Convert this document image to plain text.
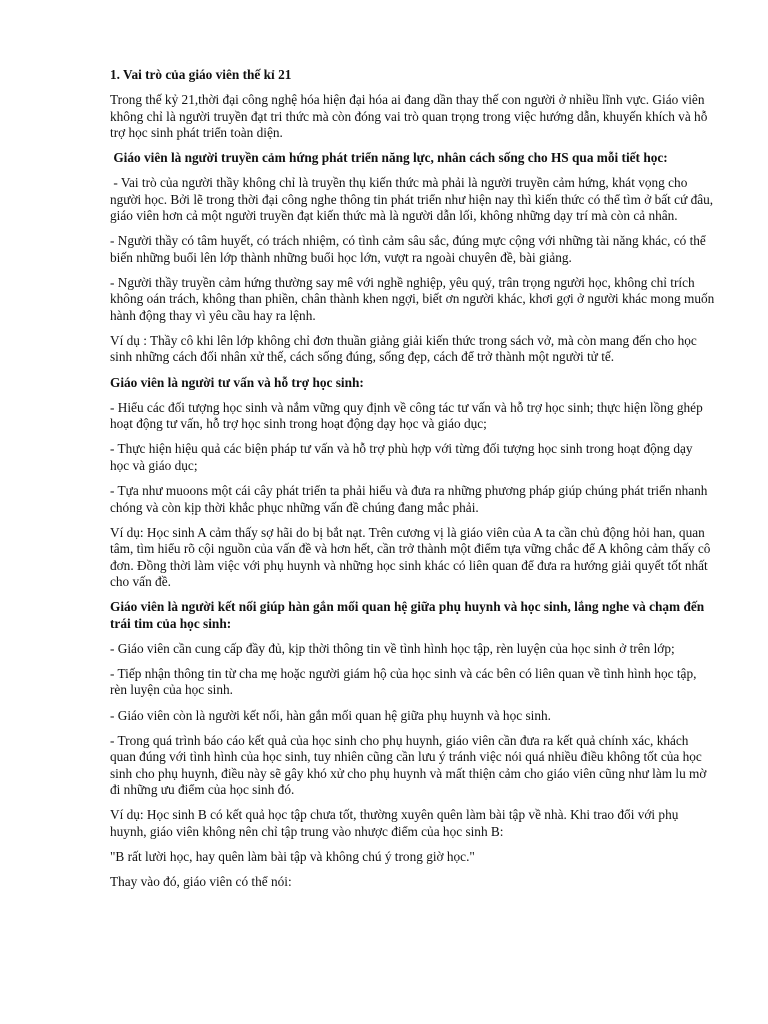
1. Vai trò của giáo viên thế kỉ 21

Trong thế kỷ 21,thời đại công nghệ hóa hiện đại hóa ai đang dần thay thế con người ở nhiều lĩnh vực. Giáo viên không chỉ là người truyền đạt tri thức mà còn đóng vai trò quan trọng trong việc hướng dẫn, khuyến khích và hỗ trợ học sinh phát triển toàn diện.

Giáo viên là người truyền cảm hứng phát triển năng lực, nhân cách sống cho HS qua mỗi tiết học:

- Vai trò của người thầy không chỉ là truyền thụ kiến thức mà phải là người truyền cảm hứng, khát vọng cho người học. Bởi lẽ trong thời đại công nghe thông tin phát triển như hiện nay thì kiến thức có thể tìm ở bất cứ đâu, giáo viên hơn cả một người truyền đạt kiến thức mà là người dẫn lối, không những dạy trí mà còn cả nhân.

- Người thầy có tâm huyết, có trách nhiệm, có tình cảm sâu sắc, đúng mực cộng với những tài năng khác, có thể biến những buổi lên lớp thành những buổi học lớn, vượt ra ngoài chuyên đề, bài giảng.

- Người thầy truyền cảm hứng thường say mê với nghề nghiệp, yêu quý, trân trọng người học, không chỉ trích không oán trách, không than phiền, chân thành khen ngợi, biết ơn người khác, khơi gợi ở người khác mong muốn hành động thay vì yêu cầu hay ra lệnh.

Ví dụ : Thầy cô khi lên lớp không chỉ đơn thuần giảng giải kiến thức trong sách vở, mà còn mang đến cho học sinh những cách đối nhân xử thế, cách sống đúng, sống đẹp, cách để trở thành một người tử tế.

Giáo viên là người tư vấn và hỗ trợ học sinh:

- Hiểu các đối tượng học sinh và nắm vững quy định về công tác tư vấn và hỗ trợ học sinh; thực hiện lồng ghép hoạt động tư vấn, hỗ trợ học sinh trong hoạt động dạy học và giáo dục;

- Thực hiện hiệu quả các biện pháp tư vấn và hỗ trợ phù hợp với từng đối tượng học sinh trong hoạt động dạy học và giáo dục;

- Tựa như muoons một cái cây phát triển ta phải hiểu và đưa ra những phương pháp giúp chúng phát triển nhanh chóng và còn kịp thời khắc phục những vấn đề chúng đang mắc phải.

Ví dụ: Học sinh A cảm thấy sợ hãi do bị bắt nạt. Trên cương vị là giáo viên của A ta cần chủ động hỏi han, quan tâm, tìm hiểu rõ cội nguồn của vấn đề và hơn hết, cần trở thành một điểm tựa vững chắc để A không cảm thấy cô đơn. Đồng thời làm việc với phụ huynh và những học sinh khác có liên quan để đưa ra hướng giải quyết tốt nhất cho vấn đề.

Giáo viên là người kết nối giúp hàn gắn mối quan hệ giữa phụ huynh và học sinh, lắng nghe và chạm đến trái tim của học sinh:

- Giáo viên cần cung cấp đầy đủ, kịp thời thông tin về tình hình học tập, rèn luyện của học sinh ở trên lớp;

- Tiếp nhận thông tin từ cha mẹ hoặc người giám hộ của học sinh và các bên có liên quan về tình hình học tập, rèn luyện của học sinh.

- Giáo viên còn là người kết nối, hàn gắn mối quan hệ giữa phụ huynh và học sinh.

- Trong quá trình báo cáo kết quả của học sinh cho phụ huynh, giáo viên cần đưa ra kết quả chính xác, khách quan đúng với tình hình của học sinh, tuy nhiên cũng cần lưu ý tránh việc nói quá nhiều điều không tốt của học sinh cho phụ huynh, điều này sẽ gây khó xử cho phụ huynh và mất thiện cảm cho giáo viên cũng như làm lu mờ đi những ưu điểm của học sinh đó.

Ví dụ: Học sinh B có kết quả học tập chưa tốt, thường xuyên quên làm bài tập về nhà. Khi trao đổi với phụ huynh, giáo viên không nên chỉ tập trung vào nhược điểm của học sinh B:

"B rất lười học, hay quên làm bài tập và không chú ý trong giờ học."

Thay vào đó, giáo viên có thể nói:
